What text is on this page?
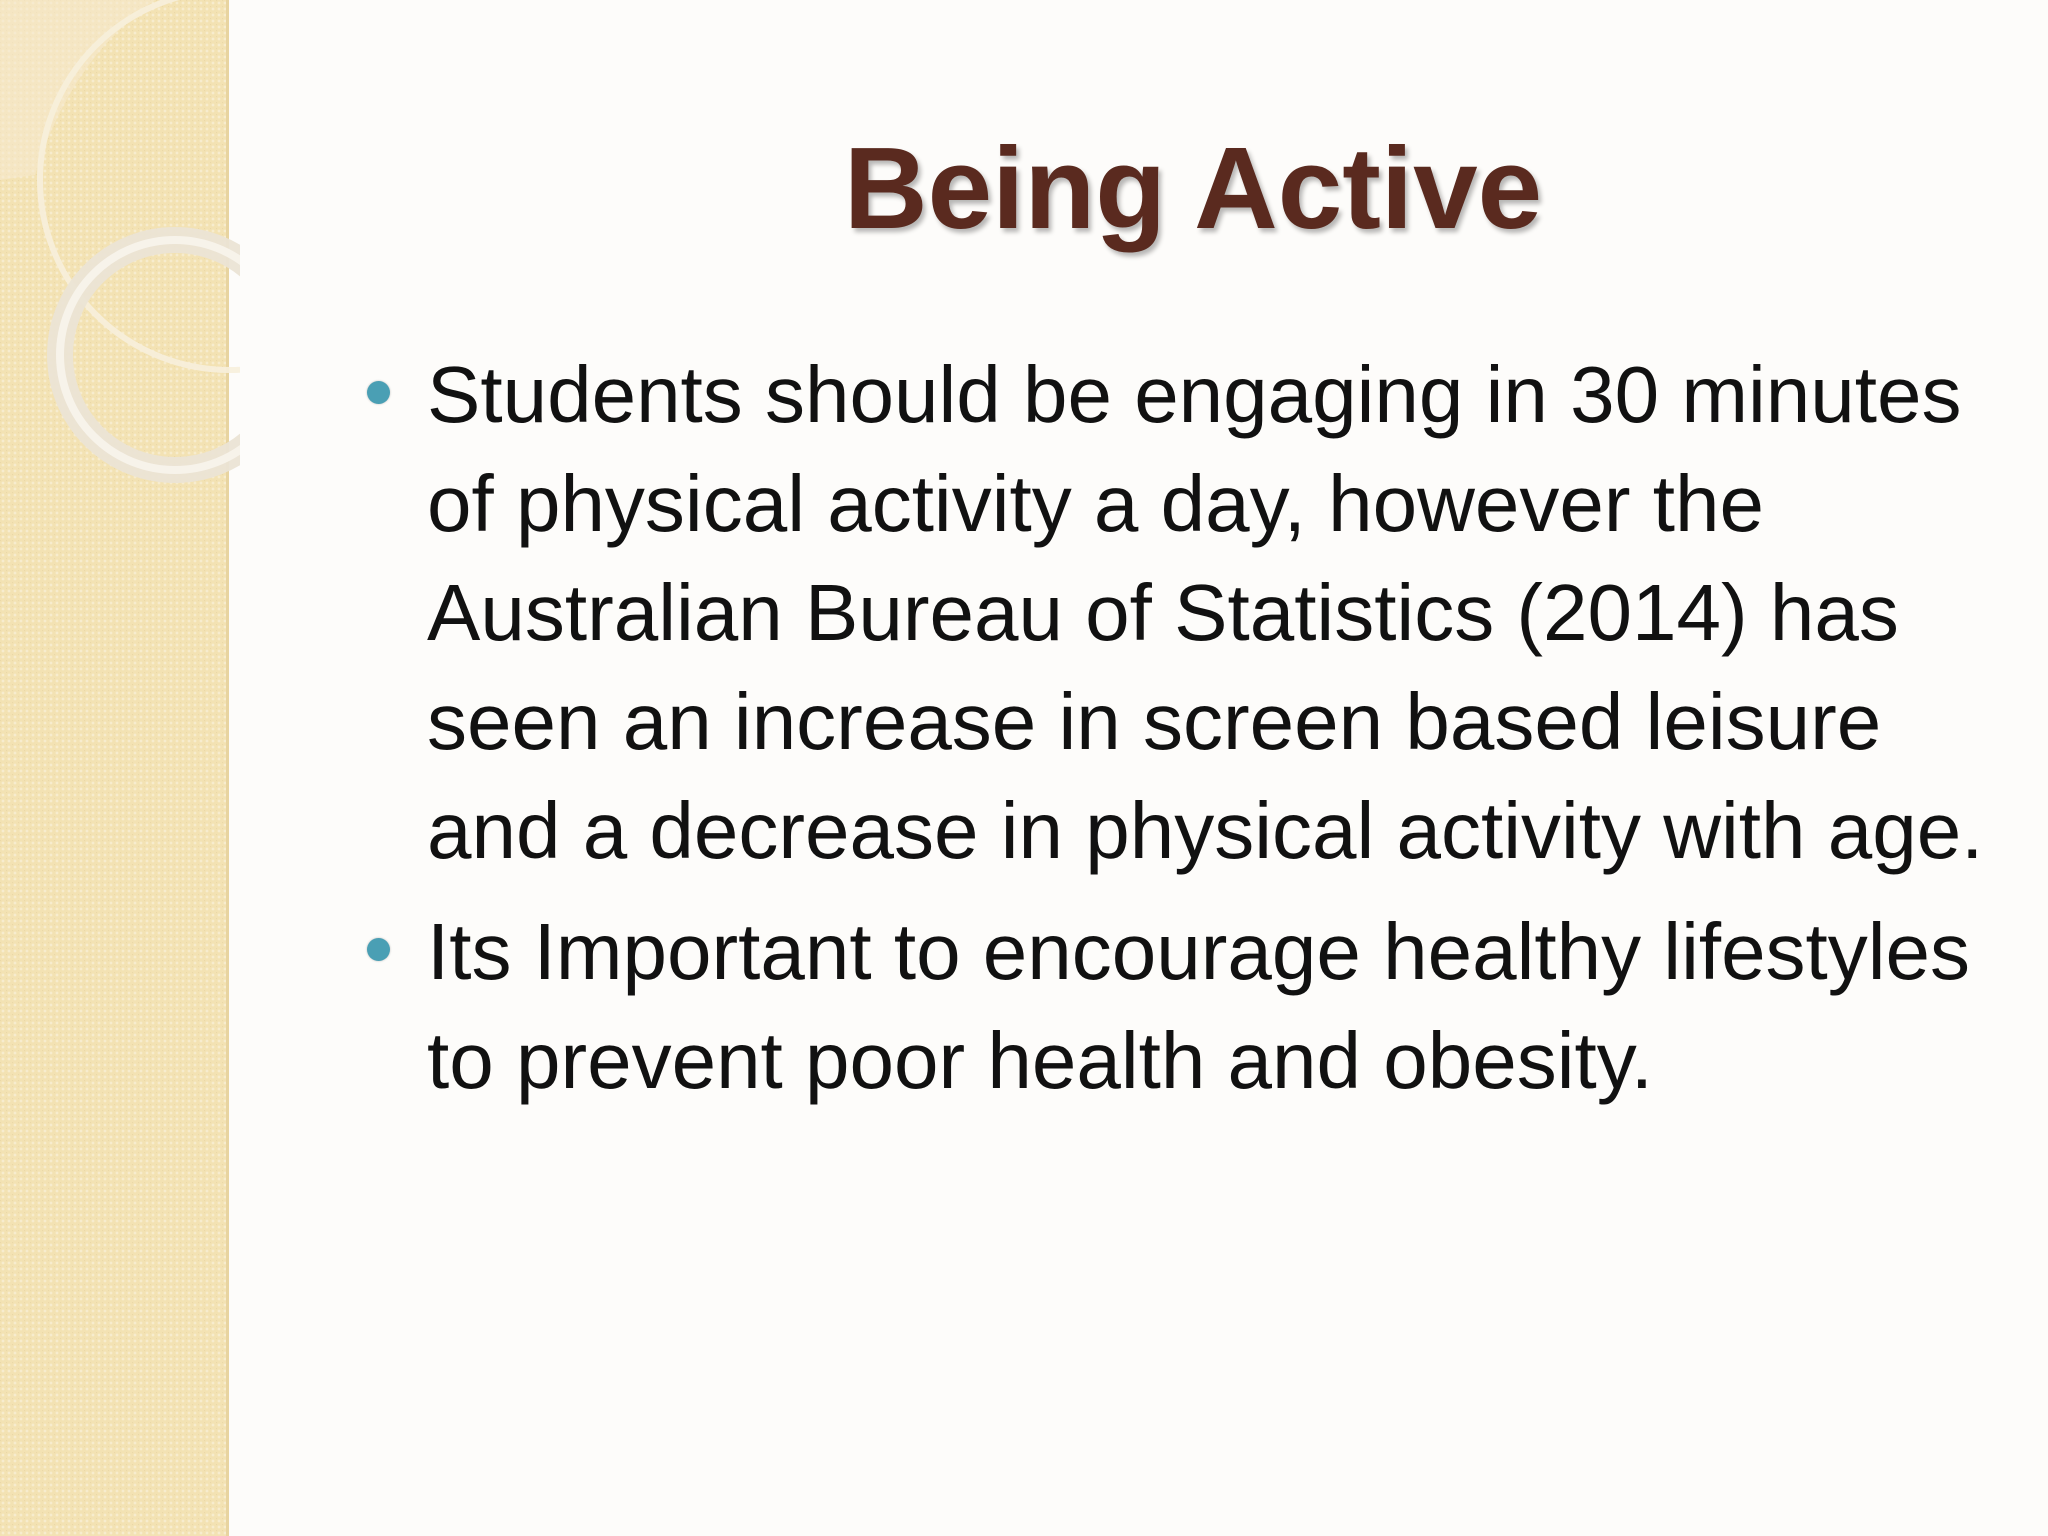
Being Active
Students should be engaging in 30 minutes of physical activity a day, however the Australian Bureau of Statistics (2014) has seen an increase in screen based leisure and a decrease in physical activity with age.
Its Important to encourage healthy lifestyles to prevent poor health and obesity.
